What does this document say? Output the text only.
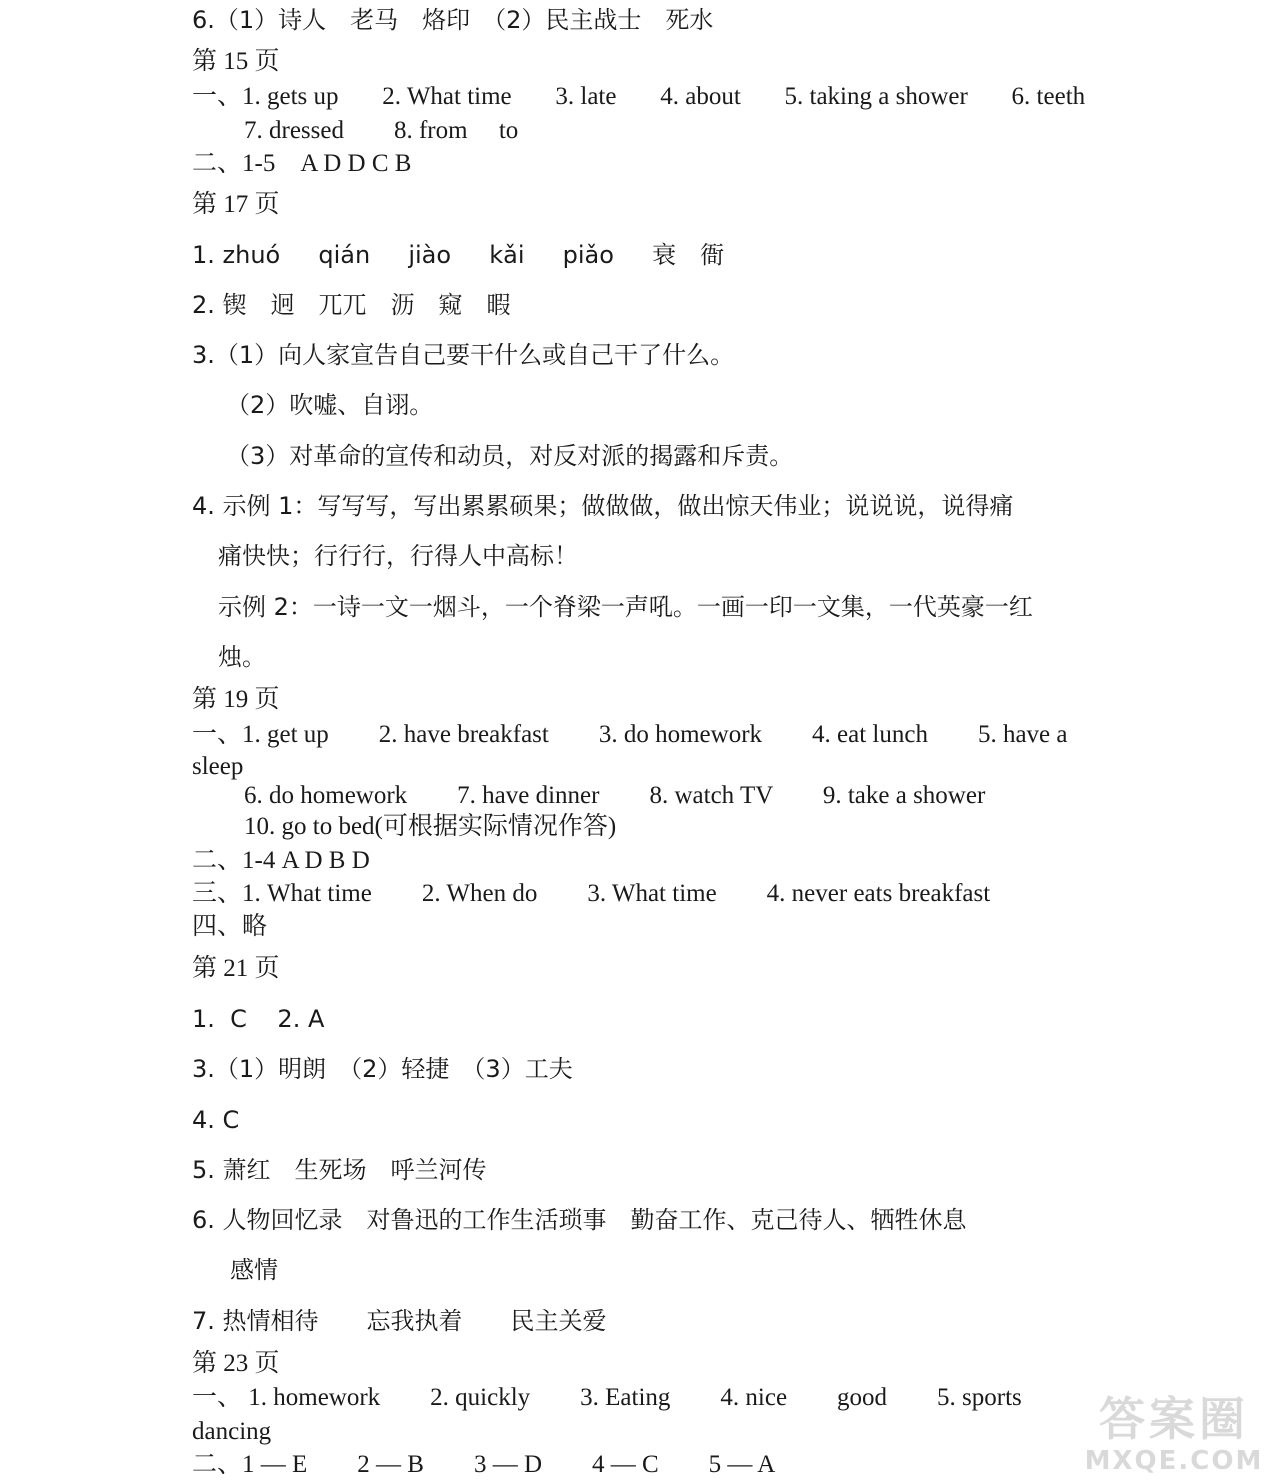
6.（1）诗人　老马　烙印　（2）民主战士　死水
第 15 页
一、1. gets up       2. What time       3. late       4. about       5. taking a shower       6. teeth
7. dressed        8. from     to
二、1-5    A D D C B
第 17 页
1. zhuó     qián     jiào     kǎi     piǎo     衰　衙
2. 锲　迥　兀兀　沥　窥　暇
3.（1）向人家宣告自己要干什么或自己干了什么。
（2）吹嘘、自诩。
（3）对革命的宣传和动员，对反对派的揭露和斥责。
4. 示例 1：写写写，写出累累硕果；做做做，做出惊天伟业；说说说，说得痛
痛快快；行行行，行得人中高标！
示例 2：一诗一文一烟斗，一个脊梁一声吼。一画一印一文集，一代英豪一红
烛。
第 19 页
一、1. get up        2. have breakfast        3. do homework        4. eat lunch        5. have a
sleep
6. do homework        7. have dinner        8. watch TV        9. take a shower
10. go to bed(可根据实际情况作答)
二、1-4 A D B D
三、1. What time        2. When do        3. What time        4. never eats breakfast
四、略
第 21 页
1.  C    2. A
3.（1）明朗　（2）轻捷　（3）工夫
4. C
5. 萧红　生死场　呼兰河传
6. 人物回忆录　对鲁迅的工作生活琐事　勤奋工作、克己待人、牺牲休息
感情
7. 热情相待　　忘我执着　　民主关爱
第 23 页
一、 1. homework        2. quickly        3. Eating        4. nice        good        5. sports
dancing
二、1 — E        2 — B        3 — D        4 — C        5 — A
答案圈
MXQE.COM
